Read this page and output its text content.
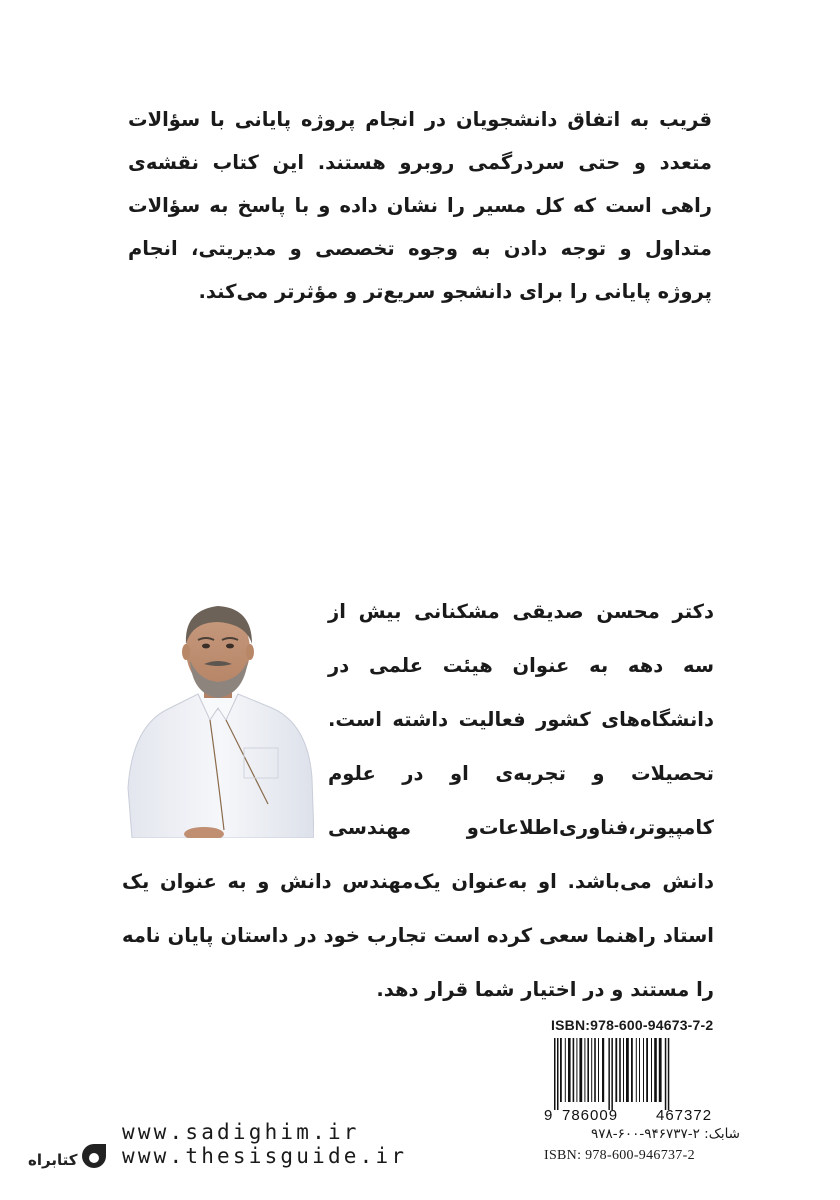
قریب به اتفاق دانشجویان در انجام پروژه پایانی با سؤالات متعدد و حتی سردرگمی روبرو هستند. این کتاب نقشه‌ی راهی است که کل مسیر را نشان داده و با پاسخ به سؤالات متداول و توجه دادن به وجوه تخصصی و مدیریتی، انجام پروژه پایانی را برای دانشجو سریع‌تر و مؤثرتر می‌کند.

دکتر محسن صدیقی مشکنانی بیش از سه دهه به عنوان هیئت علمی در دانشگاه‌های کشور فعالیت داشته است. تحصیلات و تجربه‌ی او در علوم کامپیوتر،فناوری‌اطلاعات‌و مهندسی دانش می‌باشد. او به‌عنوان یک‌مهندس دانش و به عنوان یک استاد راهنما سعی کرده است تجارب خود در داستان پایان نامه را مستند و در اختیار شما قرار دهد.

ISBN:978-600-94673-7-2
9 786009	467372
شابک: ۲-۹۴۶۷۳۷-۶۰۰-۹۷۸
ISBN: 978-600-946737-2
www.sadighim.ir
www.thesisguide.ir
کتابراه
